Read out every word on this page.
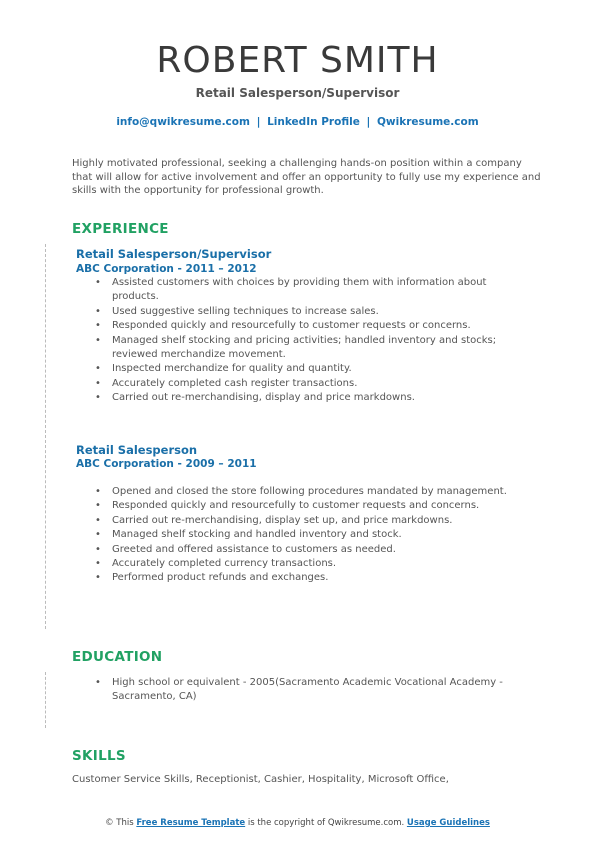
ROBERT SMITH
Retail Salesperson/Supervisor
info@qwikresume.com | LinkedIn Profile | Qwikresume.com
Highly motivated professional, seeking a challenging hands-on position within a company that will allow for active involvement and offer an opportunity to fully use my experience and skills with the opportunity for professional growth.
EXPERIENCE
Retail Salesperson/Supervisor
ABC Corporation - 2011 – 2012
• Assisted customers with choices by providing them with information about products.
• Used suggestive selling techniques to increase sales.
• Responded quickly and resourcefully to customer requests or concerns.
• Managed shelf stocking and pricing activities; handled inventory and stocks; reviewed merchandize movement.
• Inspected merchandize for quality and quantity.
• Accurately completed cash register transactions.
• Carried out re-merchandising, display and price markdowns.
Retail Salesperson
ABC Corporation - 2009 – 2011
• Opened and closed the store following procedures mandated by management.
• Responded quickly and resourcefully to customer requests and concerns.
• Carried out re-merchandising, display set up, and price markdowns.
• Managed shelf stocking and handled inventory and stock.
• Greeted and offered assistance to customers as needed.
• Accurately completed currency transactions.
• Performed product refunds and exchanges.
EDUCATION
• High school or equivalent - 2005(Sacramento Academic Vocational Academy - Sacramento, CA)
SKILLS
Customer Service Skills, Receptionist, Cashier, Hospitality, Microsoft Office,
© This Free Resume Template is the copyright of Qwikresume.com. Usage Guidelines
